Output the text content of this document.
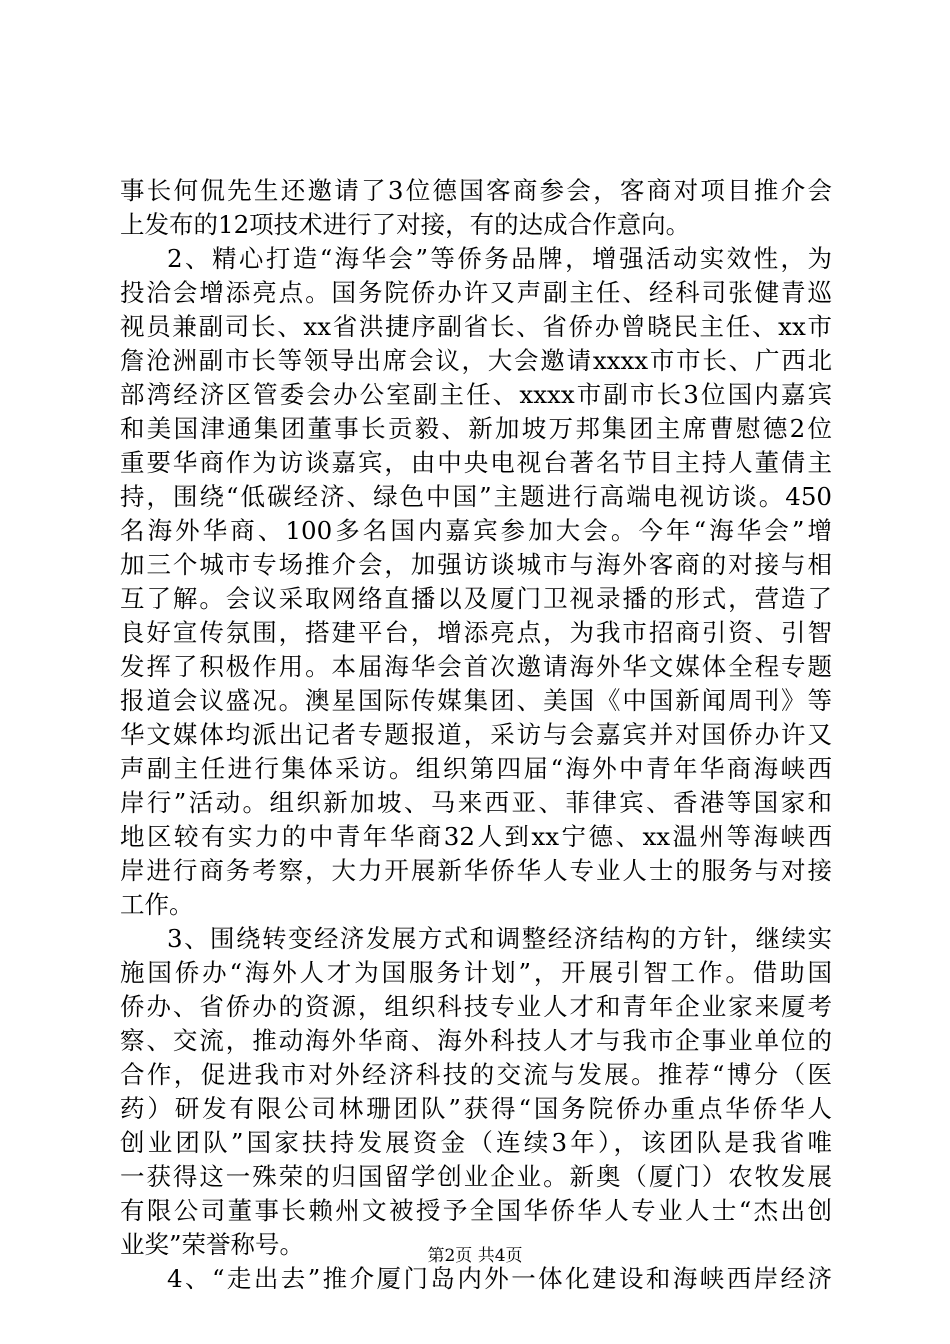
事长何侃先生还邀请了3位德国客商参会，客商对项目推介会
上发布的12项技术进行了对接，有的达成合作意向。
2、精心打造“海华会”等侨务品牌，增强活动实效性，为
投洽会增添亮点。国务院侨办许又声副主任、经科司张健青巡
视员兼副司长、xx省洪捷序副省长、省侨办曾晓民主任、xx市
詹沧洲副市长等领导出席会议，大会邀请xxxx市市长、广西北
部湾经济区管委会办公室副主任、xxxx市副市长3位国内嘉宾
和美国津通集团董事长贡毅、新加坡万邦集团主席曹慰德2位
重要华商作为访谈嘉宾，由中央电视台著名节目主持人董倩主
持，围绕“低碳经济、绿色中国”主题进行高端电视访谈。450
名海外华商、100多名国内嘉宾参加大会。今年“海华会”增
加三个城市专场推介会，加强访谈城市与海外客商的对接与相
互了解。会议采取网络直播以及厦门卫视录播的形式，营造了
良好宣传氛围，搭建平台，增添亮点，为我市招商引资、引智
发挥了积极作用。本届海华会首次邀请海外华文媒体全程专题
报道会议盛况。澳星国际传媒集团、美国《中国新闻周刊》等
华文媒体均派出记者专题报道，采访与会嘉宾并对国侨办许又
声副主任进行集体采访。组织第四届“海外中青年华商海峡西
岸行”活动。组织新加坡、马来西亚、菲律宾、香港等国家和
地区较有实力的中青年华商32人到xx宁德、xx温州等海峡西
岸进行商务考察，大力开展新华侨华人专业人士的服务与对接
工作。
3、围绕转变经济发展方式和调整经济结构的方针，继续实
施国侨办“海外人才为国服务计划”，开展引智工作。借助国
侨办、省侨办的资源，组织科技专业人才和青年企业家来厦考
察、交流，推动海外华商、海外科技人才与我市企事业单位的
合作，促进我市对外经济科技的交流与发展。推荐“博分（医
药）研发有限公司林珊团队”获得“国务院侨办重点华侨华人
创业团队”国家扶持发展资金（连续3年），该团队是我省唯
一获得这一殊荣的归国留学创业企业。新奥（厦门）农牧发展
有限公司董事长赖州文被授予全国华侨华人专业人士“杰出创
业奖”荣誉称号。
4、“走出去”推介厦门岛内外一体化建设和海峡西岸经济
第2页 共4页
